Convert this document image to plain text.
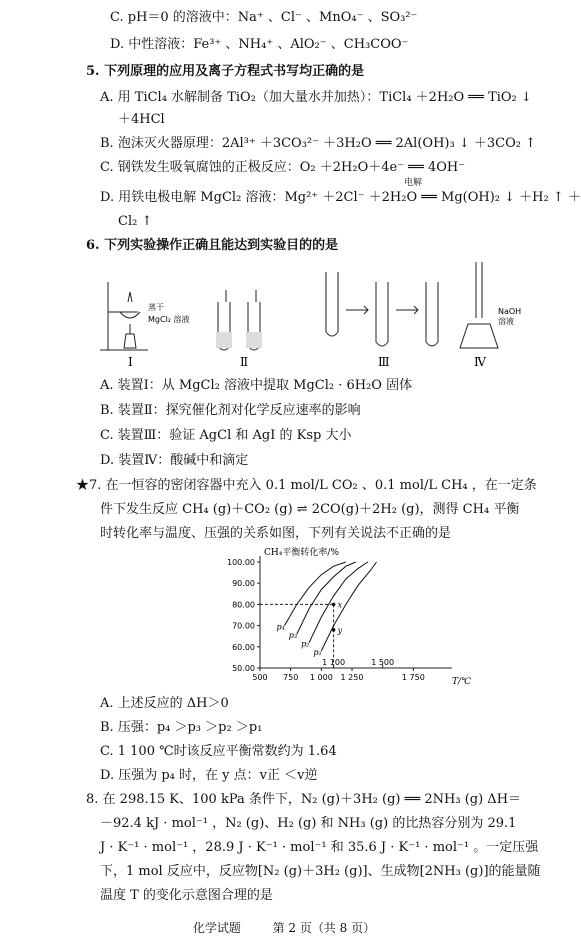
C. pH＝0 的溶液中：Na⁺ 、Cl⁻ 、MnO₄⁻ 、SO₃²⁻
D. 中性溶液：Fe³⁺ 、NH₄⁺ 、AlO₂⁻ 、CH₃COO⁻
5. 下列原理的应用及离子方程式书写均正确的是
A. 用 TiCl₄ 水解制备 TiO₂（加大量水并加热）：TiCl₄ ＋2H₂O ══ TiO₂ ↓
＋4HCl
B. 泡沫灭火器原理：2Al³⁺ ＋3CO₃²⁻ ＋3H₂O ══ 2Al(OH)₃ ↓ ＋3CO₂ ↑
C. 钢铁发生吸氧腐蚀的正极反应：O₂ ＋2H₂O＋4e⁻ ══ 4OH⁻
电解
D. 用铁电极电解 MgCl₂ 溶液：Mg²⁺ ＋2Cl⁻ ＋2H₂O ══ Mg(OH)₂ ↓ ＋H₂ ↑ ＋
Cl₂ ↑
6. 下列实验操作正确且能达到实验目的的是
蒸干
MgCl₂ 溶液
NaOH
溶液
Ⅰ	Ⅱ	Ⅲ	Ⅳ
A. 装置Ⅰ：从 MgCl₂ 溶液中提取 MgCl₂ · 6H₂O 固体
B. 装置Ⅱ：探究催化剂对化学反应速率的影响
C. 装置Ⅲ：验证 AgCl 和 AgI 的 Ksp 大小
D. 装置Ⅳ：酸碱中和滴定
★7. 在一恒容的密闭容器中充入 0.1 mol/L CO₂ 、0.1 mol/L CH₄ ，在一定条
件下发生反应 CH₄ (g)＋CO₂ (g) ⇌ 2CO(g)＋2H₂ (g)，测得 CH₄ 平衡
时转化率与温度、压强的关系如图，下列有关说法不正确的是
CH₄平衡转化率/%
T/℃
50.00
60.00
70.00
80.00
90.00
100.00
500 750 1 000 1 250	1 750
1 100	1 500
p₄
p₃
p₂
p₁
x
y
A. 上述反应的 ΔH＞0
B. 压强：p₄ ＞p₃ ＞p₂ ＞p₁
C. 1 100 ℃时该反应平衡常数约为 1.64
D. 压强为 p₄ 时，在 y 点：v正 ＜v逆
8. 在 298.15 K、100 kPa 条件下，N₂ (g)＋3H₂ (g) ══ 2NH₃ (g) ΔH＝
－92.4 kJ · mol⁻¹ ，N₂ (g)、H₂ (g) 和 NH₃ (g) 的比热容分别为 29.1
J · K⁻¹ · mol⁻¹ ，28.9 J · K⁻¹ · mol⁻¹ 和 35.6 J · K⁻¹ · mol⁻¹ 。一定压强
下，1 mol 反应中，反应物[N₂ (g)＋3H₂ (g)]、生成物[2NH₃ (g)]的能量随
温度 T 的变化示意图合理的是
化学试题	第 2 页（共 8 页）
